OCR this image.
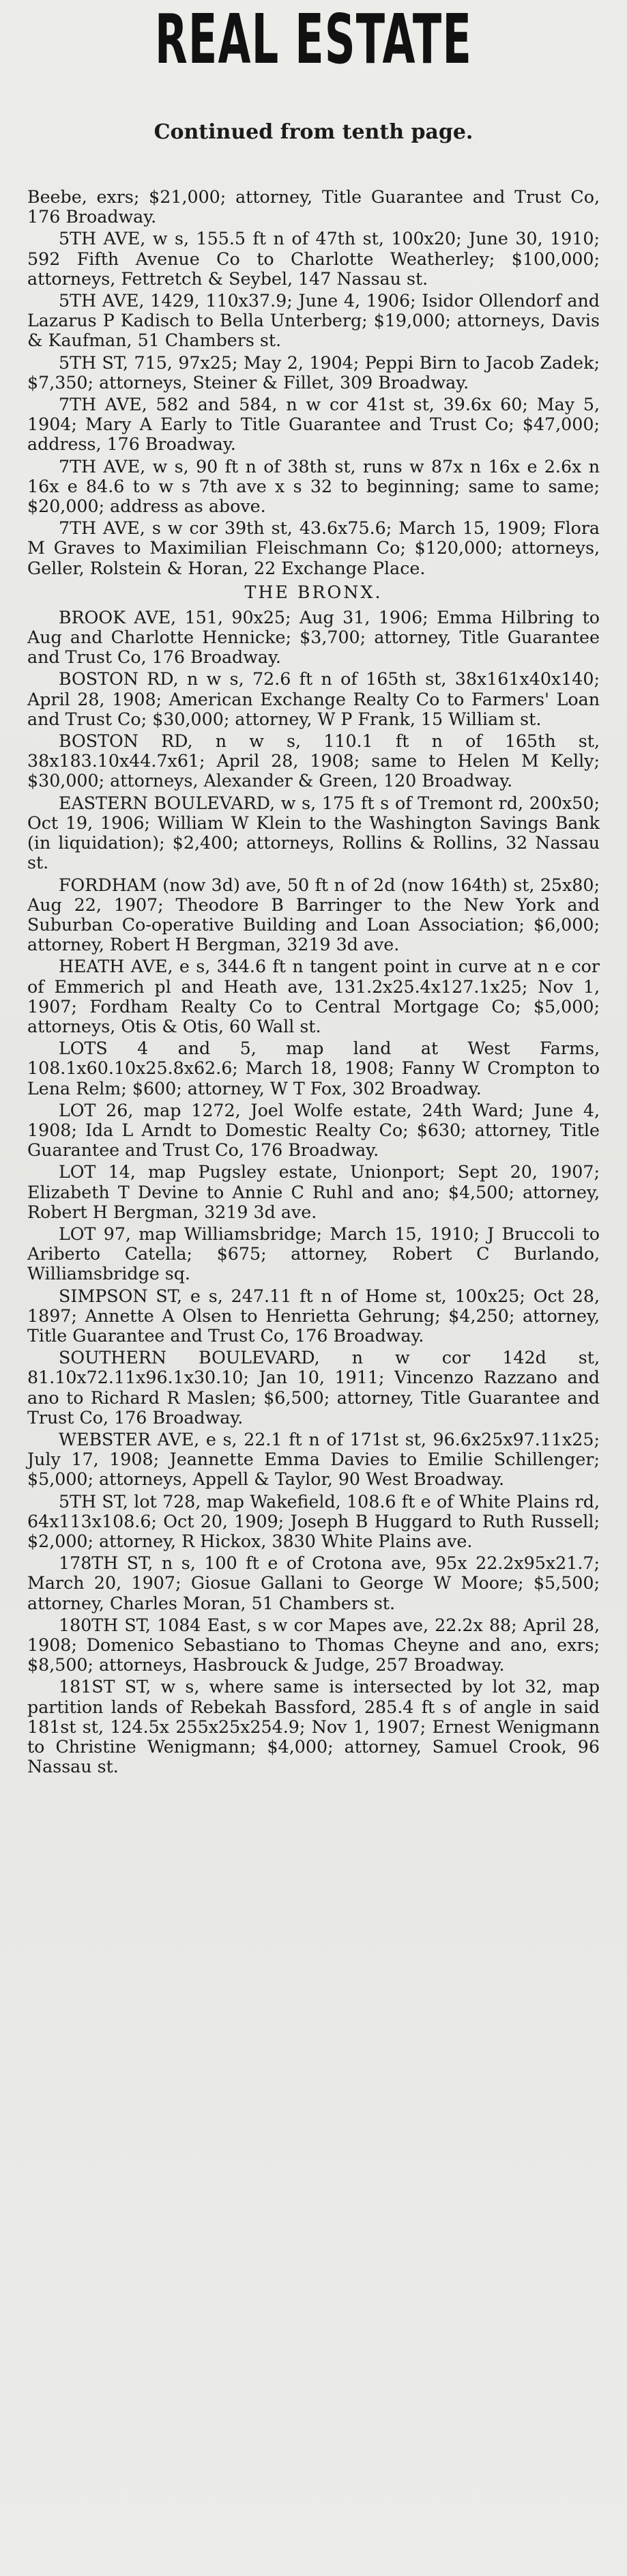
REAL ESTATE
Continued from tenth page.
Beebe, exrs; $21,000; attorney, Title Guarantee and Trust Co, 176 Broadway.
5TH AVE, w s, 155.5 ft n of 47th st, 100x20; June 30, 1910; 592 Fifth Avenue Co to Charlotte Weatherley; $100,000; attorneys, Fettretch & Seybel, 147 Nassau st.
5TH AVE, 1429, 110x37.9; June 4, 1906; Isidor Ollendorf and Lazarus P Kadisch to Bella Unterberg; $19,000; attorneys, Davis & Kaufman, 51 Chambers st.
5TH ST, 715, 97x25; May 2, 1904; Peppi Birn to Jacob Zadek; $7,350; attorneys, Steiner & Fillet, 309 Broadway.
7TH AVE, 582 and 584, n w cor 41st st, 39.6x 60; May 5, 1904; Mary A Early to Title Guarantee and Trust Co; $47,000; address, 176 Broadway.
7TH AVE, w s, 90 ft n of 38th st, runs w 87x n 16x e 2.6x n 16x e 84.6 to w s 7th ave x s 32 to beginning; same to same; $20,000; address as above.
7TH AVE, s w cor 39th st, 43.6x75.6; March 15, 1909; Flora M Graves to Maximilian Fleischmann Co; $120,000; attorneys, Geller, Rolstein & Horan, 22 Exchange Place.
THE BRONX.
BROOK AVE, 151, 90x25; Aug 31, 1906; Emma Hilbring to Aug and Charlotte Hennicke; $3,700; attorney, Title Guarantee and Trust Co, 176 Broadway.
BOSTON RD, n w s, 72.6 ft n of 165th st, 38x161x40x140; April 28, 1908; American Exchange Realty Co to Farmers' Loan and Trust Co; $30,000; attorney, W P Frank, 15 William st.
BOSTON RD, n w s, 110.1 ft n of 165th st, 38x183.10x44.7x61; April 28, 1908; same to Helen M Kelly; $30,000; attorneys, Alexander & Green, 120 Broadway.
EASTERN BOULEVARD, w s, 175 ft s of Tremont rd, 200x50; Oct 19, 1906; William W Klein to the Washington Savings Bank (in liquidation); $2,400; attorneys, Rollins & Rollins, 32 Nassau st.
FORDHAM (now 3d) ave, 50 ft n of 2d (now 164th) st, 25x80; Aug 22, 1907; Theodore B Barringer to the New York and Suburban Co-operative Building and Loan Association; $6,000; attorney, Robert H Bergman, 3219 3d ave.
HEATH AVE, e s, 344.6 ft n tangent point in curve at n e cor of Emmerich pl and Heath ave, 131.2x25.4x127.1x25; Nov 1, 1907; Fordham Realty Co to Central Mortgage Co; $5,000; attorneys, Otis & Otis, 60 Wall st.
LOTS 4 and 5, map land at West Farms, 108.1x60.10x25.8x62.6; March 18, 1908; Fanny W Crompton to Lena Relm; $600; attorney, W T Fox, 302 Broadway.
LOT 26, map 1272, Joel Wolfe estate, 24th Ward; June 4, 1908; Ida L Arndt to Domestic Realty Co; $630; attorney, Title Guarantee and Trust Co, 176 Broadway.
LOT 14, map Pugsley estate, Unionport; Sept 20, 1907; Elizabeth T Devine to Annie C Ruhl and ano; $4,500; attorney, Robert H Bergman, 3219 3d ave.
LOT 97, map Williamsbridge; March 15, 1910; J Bruccoli to Ariberto Catella; $675; attorney, Robert C Burlando, Williamsbridge sq.
SIMPSON ST, e s, 247.11 ft n of Home st, 100x25; Oct 28, 1897; Annette A Olsen to Henrietta Gehrung; $4,250; attorney, Title Guarantee and Trust Co, 176 Broadway.
SOUTHERN BOULEVARD, n w cor 142d st, 81.10x72.11x96.1x30.10; Jan 10, 1911; Vincenzo Razzano and ano to Richard R Maslen; $6,500; attorney, Title Guarantee and Trust Co, 176 Broadway.
WEBSTER AVE, e s, 22.1 ft n of 171st st, 96.6x25x97.11x25; July 17, 1908; Jeannette Emma Davies to Emilie Schillenger; $5,000; attorneys, Appell & Taylor, 90 West Broadway.
5TH ST, lot 728, map Wakefield, 108.6 ft e of White Plains rd, 64x113x108.6; Oct 20, 1909; Joseph B Huggard to Ruth Russell; $2,000; attorney, R Hickox, 3830 White Plains ave.
178TH ST, n s, 100 ft e of Crotona ave, 95x 22.2x95x21.7; March 20, 1907; Giosue Gallani to George W Moore; $5,500; attorney, Charles Moran, 51 Chambers st.
180TH ST, 1084 East, s w cor Mapes ave, 22.2x 88; April 28, 1908; Domenico Sebastiano to Thomas Cheyne and ano, exrs; $8,500; attorneys, Hasbrouck & Judge, 257 Broadway.
181ST ST, w s, where same is intersected by lot 32, map partition lands of Rebekah Bassford, 285.4 ft s of angle in said 181st st, 124.5x 255x25x254.9; Nov 1, 1907; Ernest Wenigmann to Christine Wenigmann; $4,000; attorney, Samuel Crook, 96 Nassau st.
